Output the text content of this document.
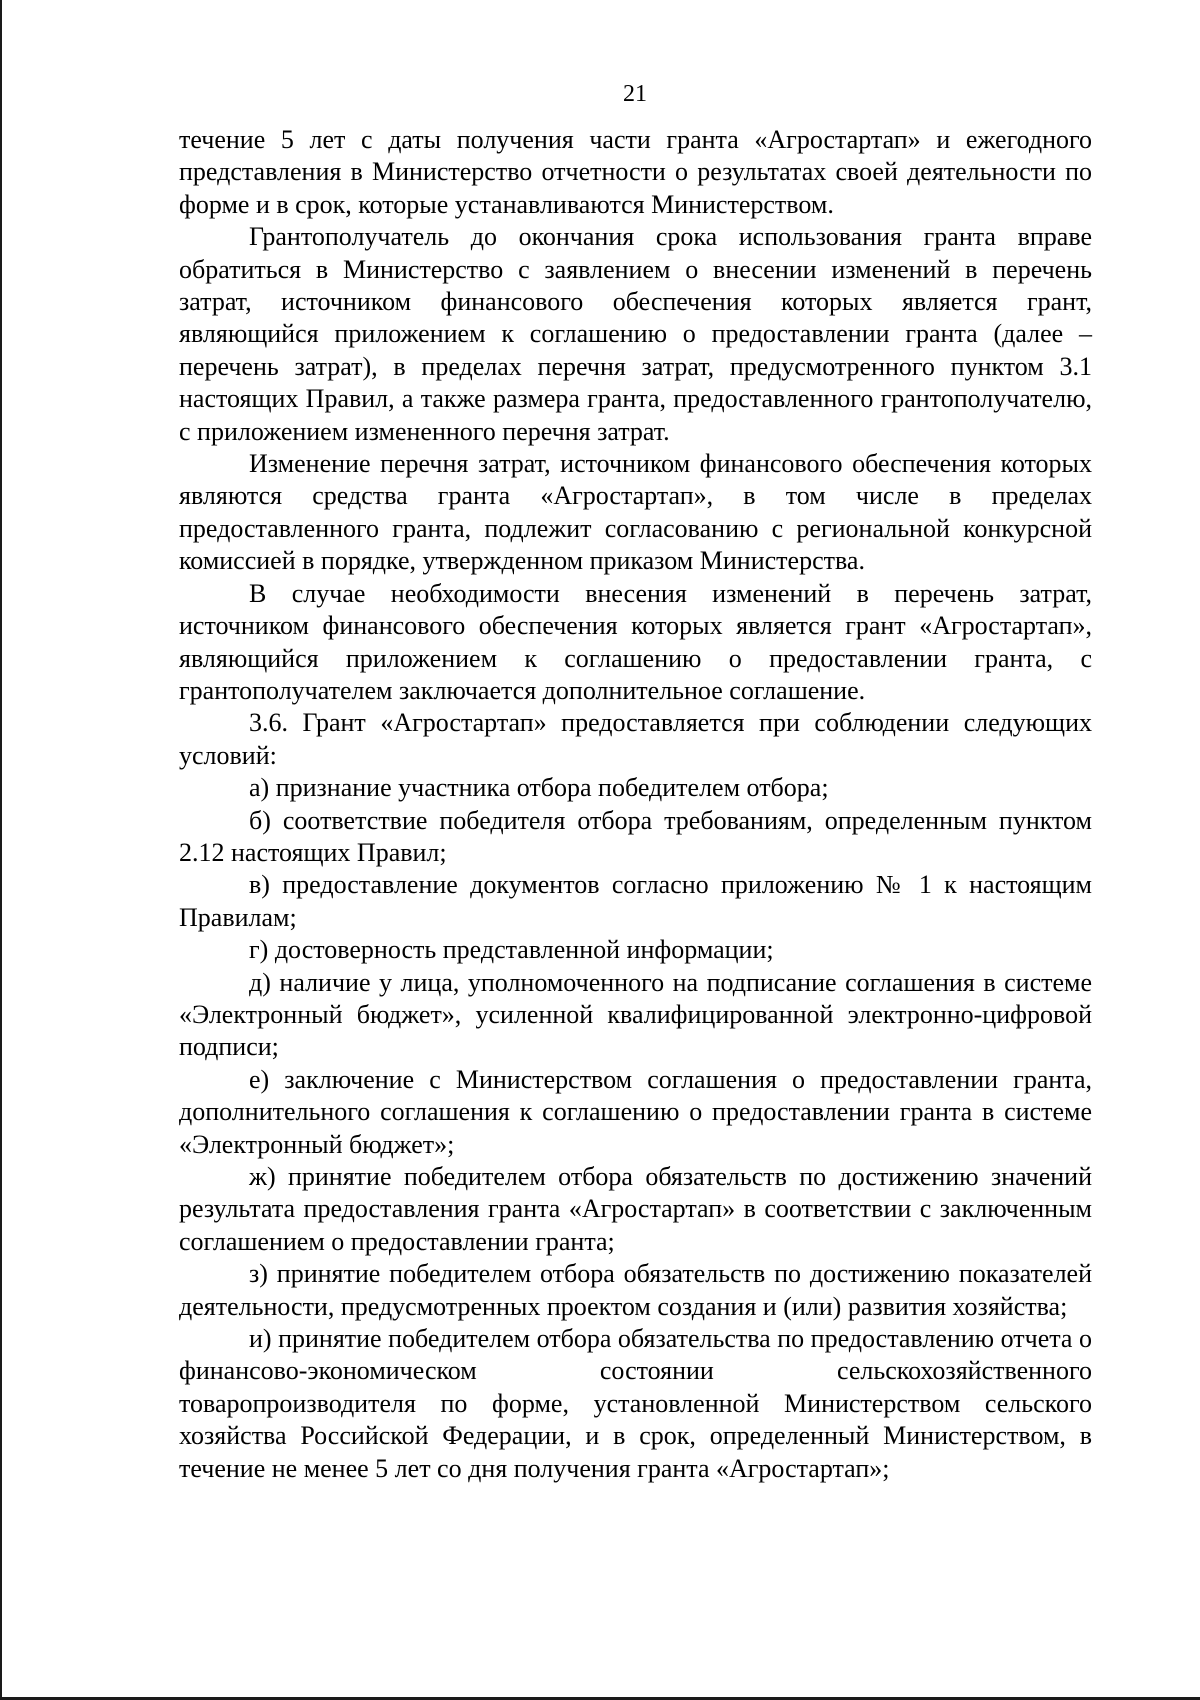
21

течение 5 лет с даты получения части гранта «Агростартап» и ежегодного представления в Министерство отчетности о результатах своей деятельности по форме и в срок, которые устанавливаются Министерством.

Грантополучатель до окончания срока использования гранта вправе обратиться в Министерство с заявлением о внесении изменений в перечень затрат, источником финансового обеспечения которых является грант, являющийся приложением к соглашению о предоставлении гранта (далее – перечень затрат), в пределах перечня затрат, предусмотренного пунктом 3.1 настоящих Правил, а также размера гранта, предоставленного грантополучателю, с приложением измененного перечня затрат.

Изменение перечня затрат, источником финансового обеспечения которых являются средства гранта «Агростартап», в том числе в пределах предоставленного гранта, подлежит согласованию с региональной конкурсной комиссией в порядке, утвержденном приказом Министерства.

В случае необходимости внесения изменений в перечень затрат, источником финансового обеспечения которых является грант «Агростартап», являющийся приложением к соглашению о предоставлении гранта, с грантополучателем заключается дополнительное соглашение.

3.6. Грант «Агростартап» предоставляется при соблюдении следующих условий:

а) признание участника отбора победителем отбора;

б) соответствие победителя отбора требованиям, определенным пунктом 2.12 настоящих Правил;

в) предоставление документов согласно приложению № 1 к настоящим Правилам;

г) достоверность представленной информации;

д) наличие у лица, уполномоченного на подписание соглашения в системе «Электронный бюджет», усиленной квалифицированной электронно-цифровой подписи;

е) заключение с Министерством соглашения о предоставлении гранта, дополнительного соглашения к соглашению о предоставлении гранта в системе «Электронный бюджет»;

ж) принятие победителем отбора обязательств по достижению значений результата предоставления гранта «Агростартап» в соответствии с заключенным соглашением о предоставлении гранта;

з) принятие победителем отбора обязательств по достижению показателей деятельности, предусмотренных проектом создания и (или) развития хозяйства;

и) принятие победителем отбора обязательства по предоставлению отчета о финансово-экономическом состоянии сельскохозяйственного товаропроизводителя по форме, установленной Министерством сельского хозяйства Российской Федерации, и в срок, определенный Министерством, в течение не менее 5 лет со дня получения гранта «Агростартап»;
